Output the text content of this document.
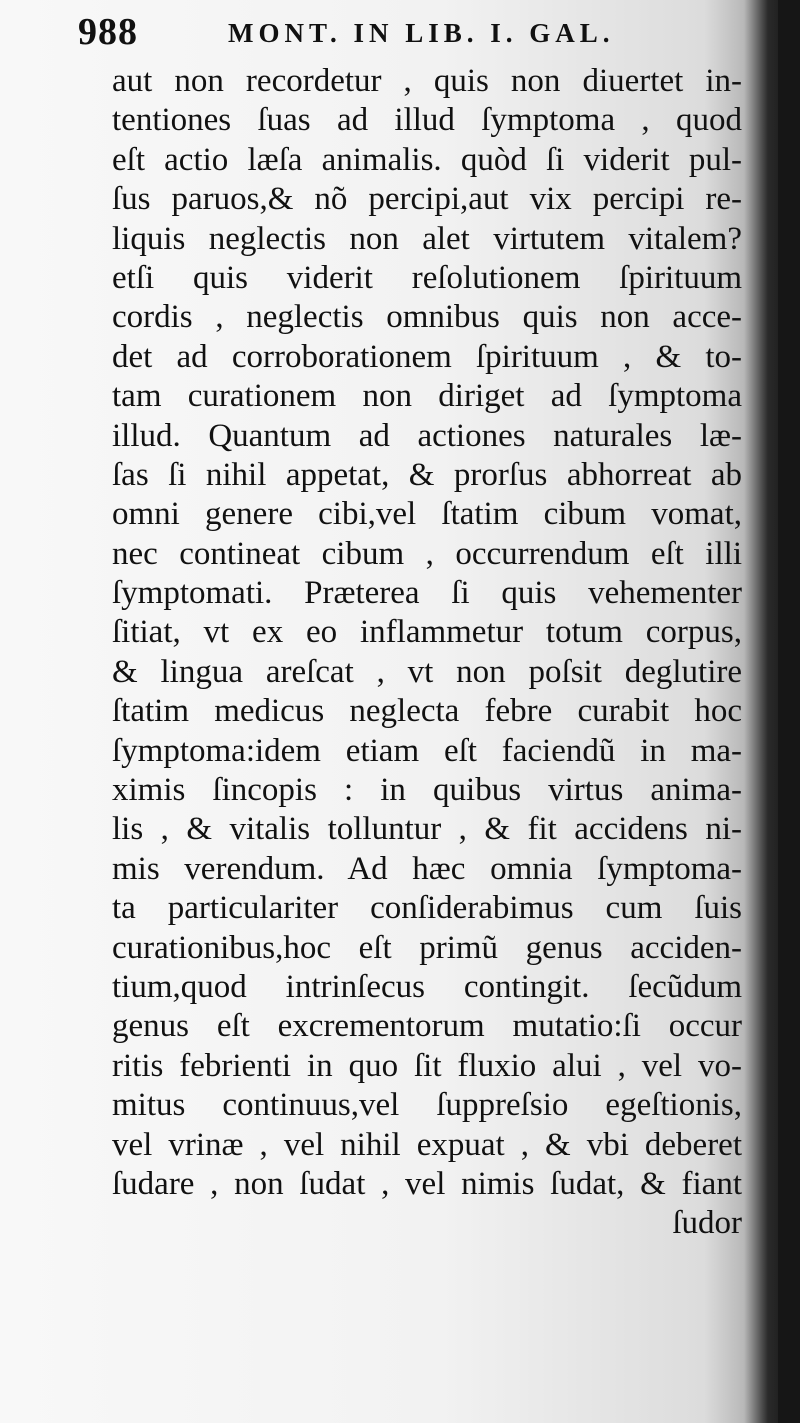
988	MONT. IN LIB. I. GAL.
aut non recordetur , quis non diuertet in-
tentiones ſuas ad illud ſymptoma , quod
eſt actio læſa animalis. quòd ſi viderit pul-
ſus paruos,& nõ percipi,aut vix percipi re-
liquis neglectis non alet virtutem vitalem?
etſi quis viderit reſolutionem ſpirituum
cordis , neglectis omnibus quis non acce-
det ad corroborationem ſpirituum , & to-
tam curationem non diriget ad ſymptoma
illud. Quantum ad actiones naturales læ-
ſas ſi nihil appetat, & prorſus abhorreat ab
omni genere cibi,vel ſtatim cibum vomat,
nec contineat cibum , occurrendum eſt illi
ſymptomati. Præterea ſi quis vehementer
ſitiat, vt ex eo inflammetur totum corpus,
& lingua areſcat , vt non poſsit deglutire
ſtatim medicus neglecta febre curabit hoc
ſymptoma:idem etiam eſt faciendũ in ma-
ximis ſincopis : in quibus virtus anima-
lis , & vitalis tolluntur , & fit accidens ni-
mis verendum. Ad hæc omnia ſymptoma-
ta particulariter conſiderabimus cum ſuis
curationibus,hoc eſt primũ genus acciden-
tium,quod intrinſecus contingit. ſecũdum
genus eſt excrementorum mutatio:ſi occur
ritis febrienti in quo ſit fluxio alui , vel vo-
mitus continuus,vel ſuppreſsio egeſtionis,
vel vrinæ , vel nihil expuat , & vbi deberet
ſudare , non ſudat , vel nimis ſudat, & fiant
ſudor
